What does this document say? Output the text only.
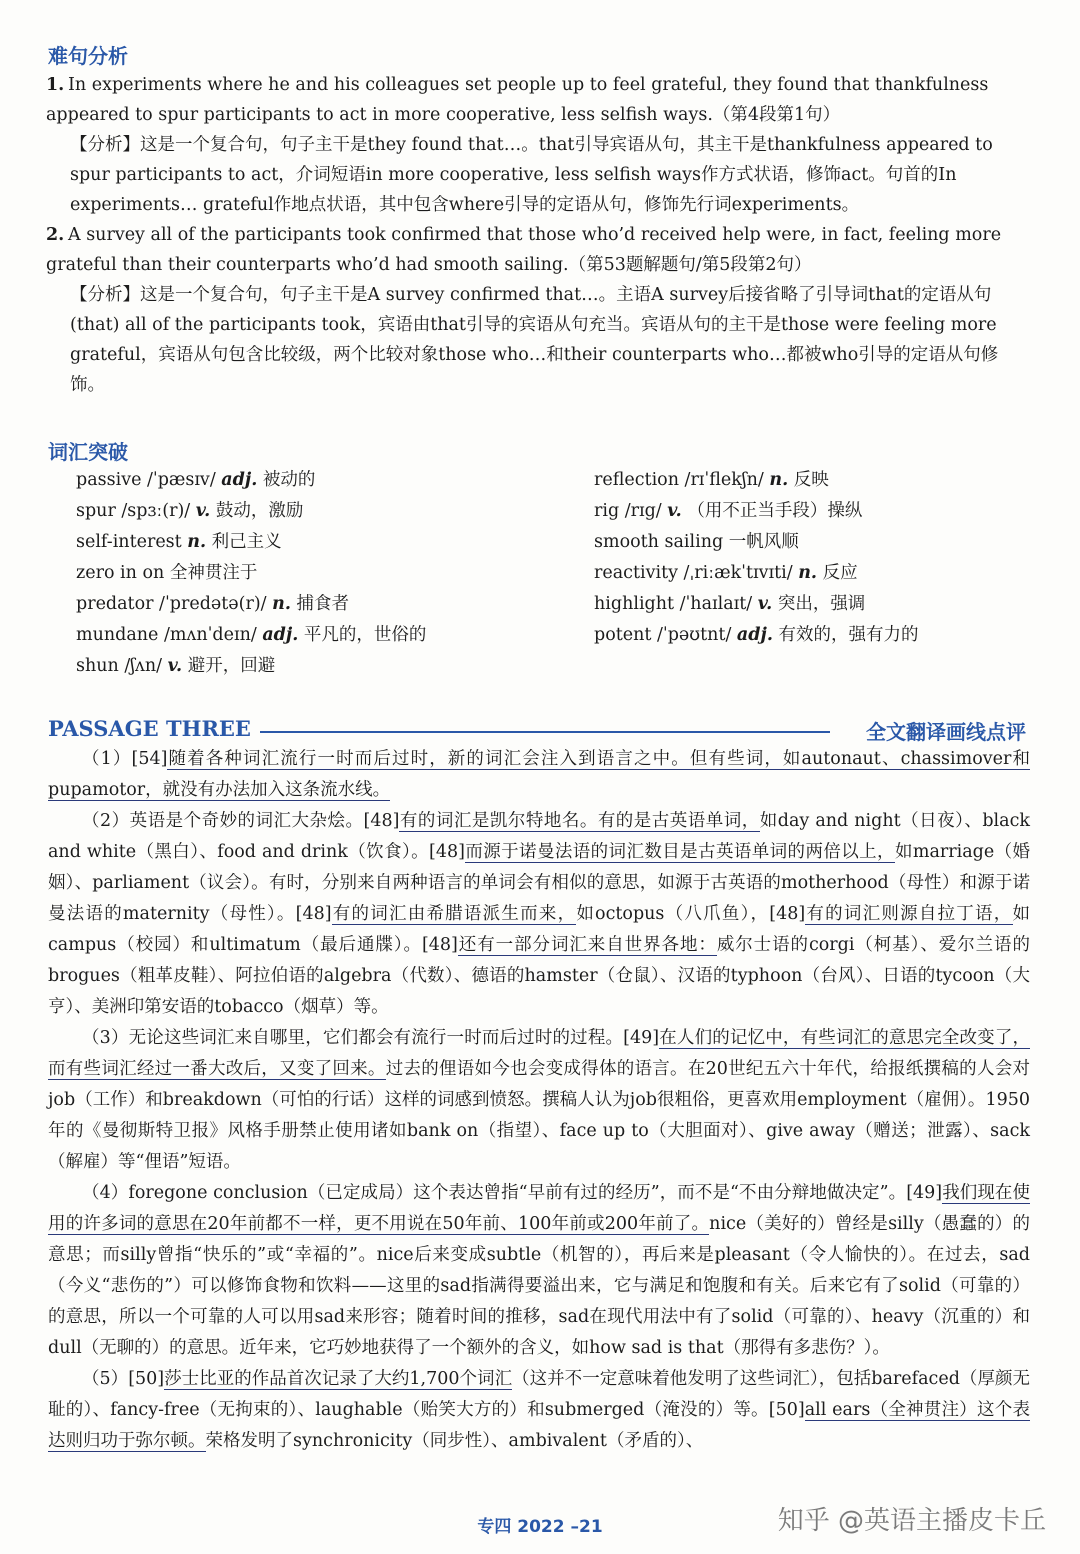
难句分析
1. In experiments where he and his colleagues set people up to feel grateful, they found that thankfulness appeared to spur participants to act in more cooperative, less selfish ways.（第4段第1句）
【分析】这是一个复合句，句子主干是they found that…。that引导宾语从句，其主干是thankfulness appeared to spur participants to act，介词短语in more cooperative, less selfish ways作方式状语，修饰act。句首的In experiments… grateful作地点状语，其中包含where引导的定语从句，修饰先行词experiments。
2. A survey all of the participants took confirmed that those who’d received help were, in fact, feeling more grateful than their counterparts who’d had smooth sailing.（第53题解题句/第5段第2句）
【分析】这是一个复合句，句子主干是A survey confirmed that…。主语A survey后接省略了引导词that的定语从句(that) all of the participants took，宾语由that引导的宾语从句充当。宾语从句的主干是those were feeling more grateful，宾语从句包含比较级，两个比较对象those who…和their counterparts who…都被who引导的定语从句修饰。
词汇突破
passive /ˈpæsɪv/ adj. 被动的
spur /spɜː(r)/ v. 鼓动，激励
self-interest n. 利己主义
zero in on 全神贯注于
predator /ˈpredətə(r)/ n. 捕食者
mundane /mʌnˈdeɪn/ adj. 平凡的，世俗的
shun /ʃʌn/ v. 避开，回避
reflection /rɪˈflekʃn/ n. 反映
rig /rɪg/ v. （用不正当手段）操纵
smooth sailing 一帆风顺
reactivity /ˌriːækˈtɪvɪti/ n. 反应
highlight /ˈhaɪlaɪt/ v. 突出，强调
potent /ˈpəʊtnt/ adj. 有效的，强有力的
PASSAGE THREE	全文翻译画线点评

（1）[54]随着各种词汇流行一时而后过时，新的词汇会注入到语言之中。但有些词，如autonaut、chassimover和pupamotor，就没有办法加入这条流水线。

（2）英语是个奇妙的词汇大杂烩。[48]有的词汇是凯尔特地名。有的是古英语单词，如day and night（日夜）、black and white（黑白）、food and drink（饮食）。[48]而源于诺曼法语的词汇数目是古英语单词的两倍以上，如marriage（婚姻）、parliament（议会）。有时，分别来自两种语言的单词会有相似的意思，如源于古英语的motherhood（母性）和源于诺曼法语的maternity（母性）。[48]有的词汇由希腊语派生而来，如octopus（八爪鱼），[48]有的词汇则源自拉丁语，如campus（校园）和ultimatum（最后通牒）。[48]还有一部分词汇来自世界各地：威尔士语的corgi（柯基）、爱尔兰语的brogues（粗革皮鞋）、阿拉伯语的algebra（代数）、德语的hamster（仓鼠）、汉语的typhoon（台风）、日语的tycoon（大亨）、美洲印第安语的tobacco（烟草）等。

（3）无论这些词汇来自哪里，它们都会有流行一时而后过时的过程。[49]在人们的记忆中，有些词汇的意思完全改变了，而有些词汇经过一番大改后，又变了回来。过去的俚语如今也会变成得体的语言。在20世纪五六十年代，给报纸撰稿的人会对job（工作）和breakdown（可怕的行话）这样的词感到愤怒。撰稿人认为job很粗俗，更喜欢用employment（雇佣）。1950年的《曼彻斯特卫报》风格手册禁止使用诸如bank on（指望）、face up to（大胆面对）、give away（赠送；泄露）、sack（解雇）等“俚语”短语。

（4）foregone conclusion（已定成局）这个表达曾指“早前有过的经历”，而不是“不由分辩地做决定”。[49]我们现在使用的许多词的意思在20年前都不一样，更不用说在50年前、100年前或200年前了。nice（美好的）曾经是silly（愚蠢的）的意思；而silly曾指“快乐的”或“幸福的”。nice后来变成subtle（机智的），再后来是pleasant（令人愉快的）。在过去，sad（今义“悲伤的”）可以修饰食物和饮料——这里的sad指满得要溢出来，它与满足和饱腹和有关。后来它有了solid（可靠的）的意思，所以一个可靠的人可以用sad来形容；随着时间的推移，sad在现代用法中有了solid（可靠的）、heavy（沉重的）和dull（无聊的）的意思。近年来，它巧妙地获得了一个额外的含义，如how sad is that（那得有多悲伤？）。

（5）[50]莎士比亚的作品首次记录了大约1,700个词汇（这并不一定意味着他发明了这些词汇），包括barefaced（厚颜无耻的）、fancy-free（无拘束的）、laughable（贻笑大方的）和submerged（淹没的）等。[50]all ears（全神贯注）这个表达则归功于弥尔顿。荣格发明了synchronicity（同步性）、ambivalent（矛盾的）、

专四 2022 –21	知乎 @英语主播皮卡丘
